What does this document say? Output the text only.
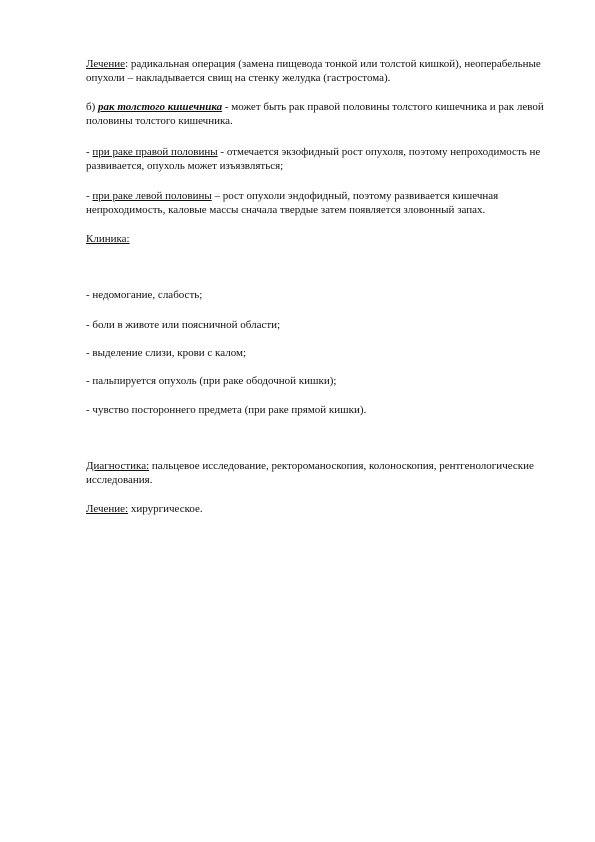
Лечение: радикальная операция (замена пищевода тонкой или толстой кишкой), неоперабельные опухоли – накладывается свищ на стенку желудка (гастростома).

б) рак толстого кишечника - может быть рак правой половины толстого кишечника и рак левой половины толстого кишечника.

- при раке правой половины - отмечается экзофидный рост опухоля, поэтому непроходимость не развивается, опухоль может изъязвляться;

- при раке левой половины – рост опухоли эндофидный, поэтому развивается кишечная непроходимость, каловые массы сначала твердые затем появляется зловонный запах.

Клиника:

- недомогание, слабость;

- боли в животе или поясничной области;

- выделение слизи, крови с калом;

- пальпируется опухоль (при раке ободочной кишки);

- чувство постороннего предмета (при раке прямой кишки).

Диагностика: пальцевое исследование, ректороманоскопия, колоноскопия, рентгенологические исследования.

Лечение: хирургическое.
